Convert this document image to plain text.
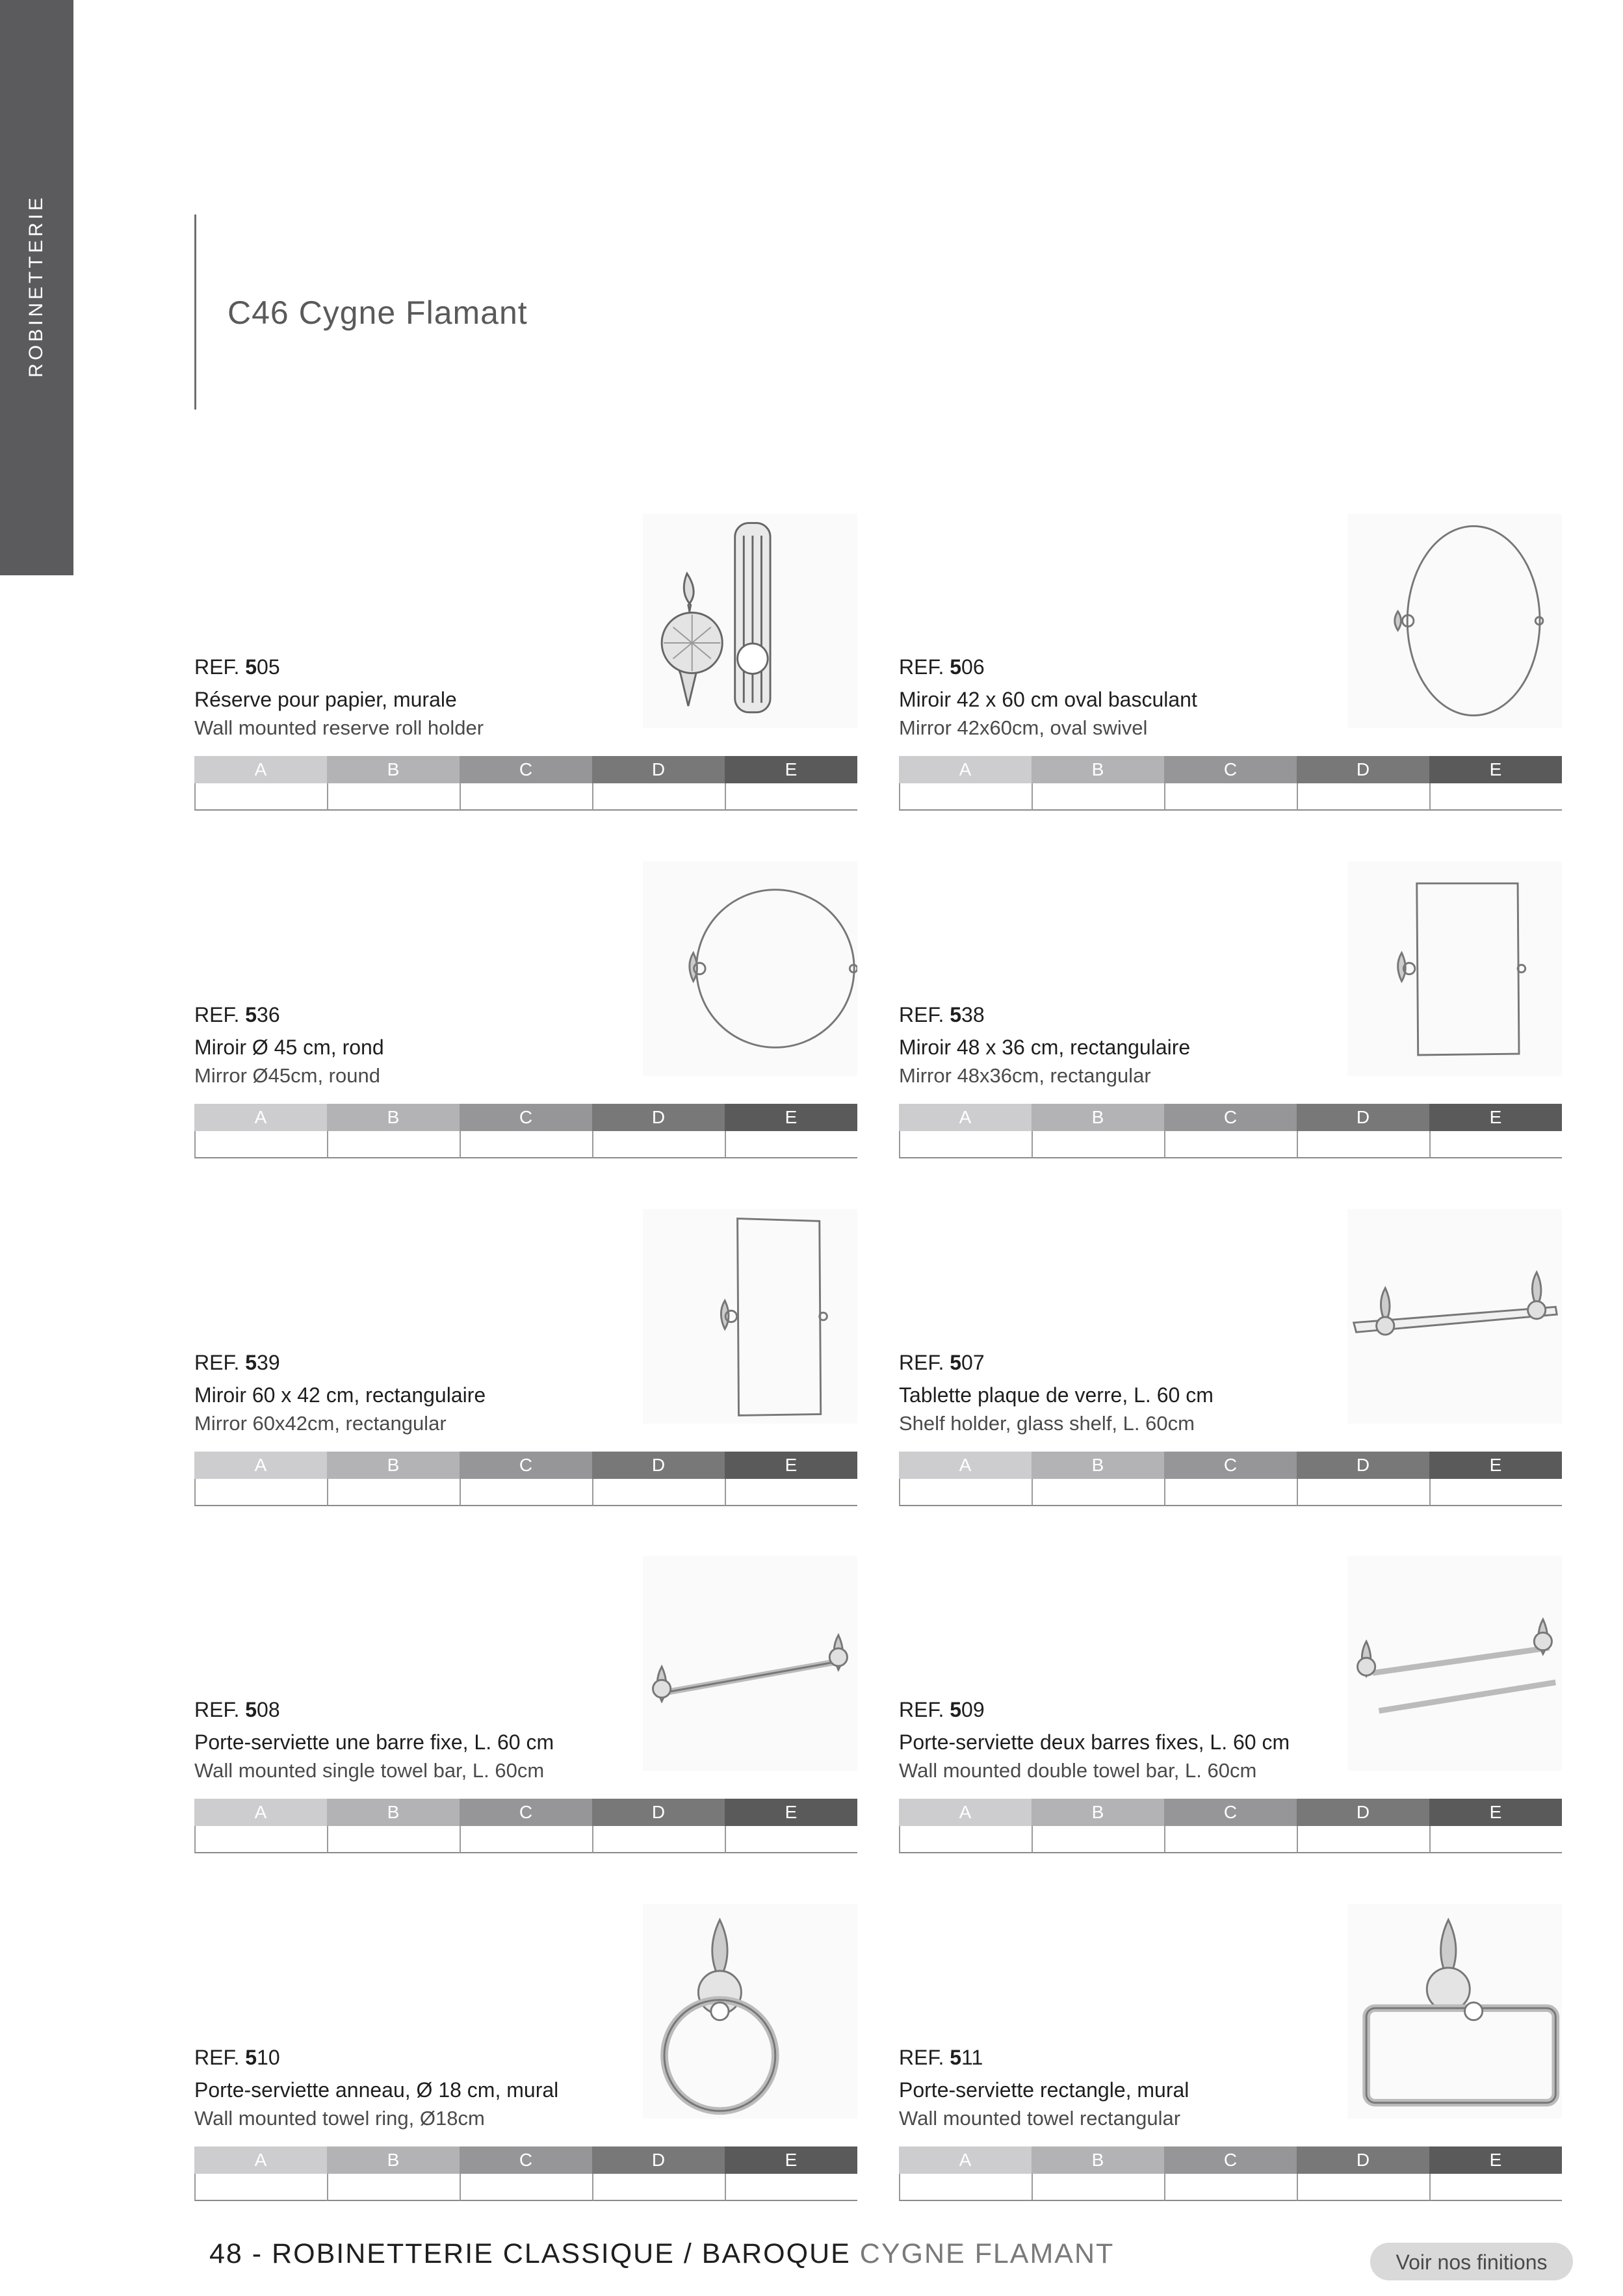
ROBINETTERIE	C46 Cygne Flamant
REF. 505
Réserve pour papier, murale
Wall mounted reserve roll holder
A	B	C	D	E
REF. 506
Miroir 42 x 60 cm oval basculant
Mirror 42x60cm, oval swivel
A	B	C	D	E
REF. 536
Miroir Ø 45 cm, rond
Mirror Ø45cm, round
A	B	C	D	E
REF. 538
Miroir 48 x 36 cm, rectangulaire
Mirror 48x36cm, rectangular
A	B	C	D	E
REF. 539
Miroir 60 x 42 cm, rectangulaire
Mirror 60x42cm, rectangular
A	B	C	D	E
REF. 507
Tablette plaque de verre, L. 60 cm
Shelf holder, glass shelf, L. 60cm
A	B	C	D	E
REF. 508
Porte-serviette une barre fixe, L. 60 cm
Wall mounted single towel bar, L. 60cm
A	B	C	D	E
REF. 509
Porte-serviette deux barres fixes, L. 60 cm
Wall mounted double towel bar, L. 60cm
A	B	C	D	E
REF. 510
Porte-serviette anneau, Ø 18 cm, mural
Wall mounted towel ring, Ø18cm
A	B	C	D	E
REF. 511
Porte-serviette rectangle, mural
Wall mounted towel rectangular
A	B	C	D	E
48 - ROBINETTERIE CLASSIQUE / BAROQUE CYGNE FLAMANT	Voir nos finitions
